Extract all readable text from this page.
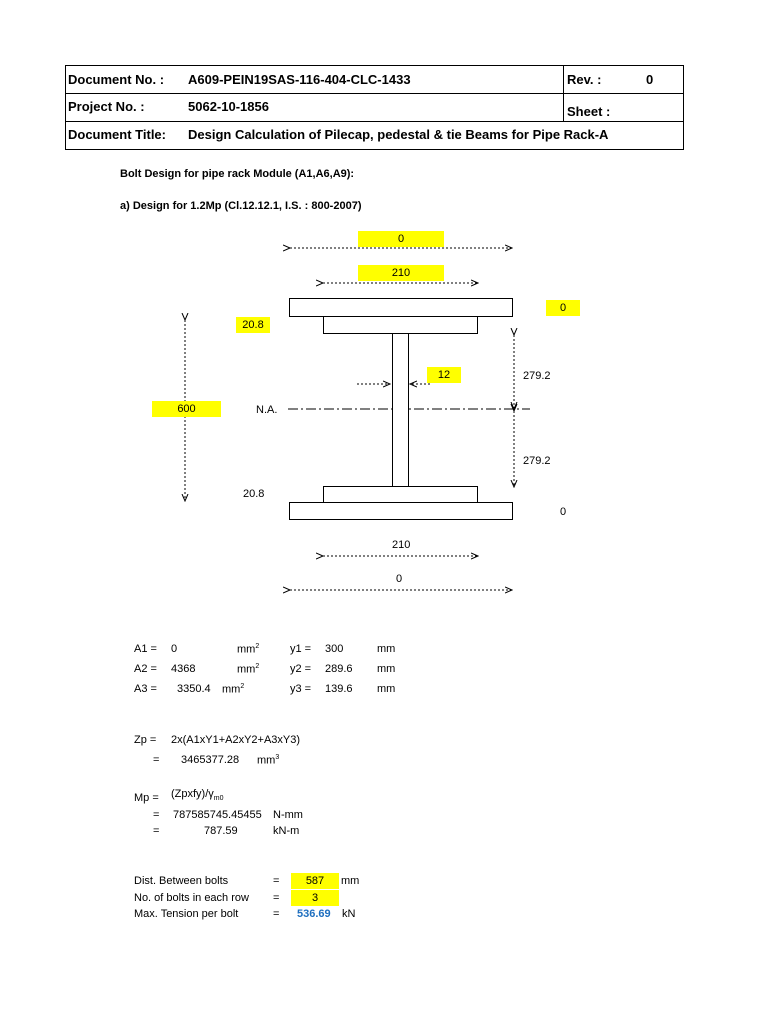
Document No. : A609-PEIN19SAS-116-404-CLC-1433	Rev. :	0
Project No. :	5062-10-1856	Sheet :
Document Title: Design Calculation of Pilecap, pedestal & tie Beams for Pipe Rack-A
Bolt Design for pipe rack Module (A1,A6,A9):
a) Design for 1.2Mp (Cl.12.12.1, I.S. : 800-2007)
0
210
0
20.8
12
600	N.A.
279.2
279.2
20.8
0
210
0
A1 = 0	$mm^2$	y1 = 300	mm
A2 = 4368	$mm^2$	y2 = 289.6 mm
A3 = 3350.4 $mm^2$	y3 = 139.6 mm
Zp = 2x(A1xY1+A2xY2+A3xY3)
= 3465377.28 $mm^3$
$Mp = (Zpxfy)/\gamma_{m0}$
= 787585745.45455 N-mm
=	787.59	kN-m
Dist. Between bolts	=	587	mm
No. of bolts in each row =	3
Max. Tension per bolt	= 536.69 kN
